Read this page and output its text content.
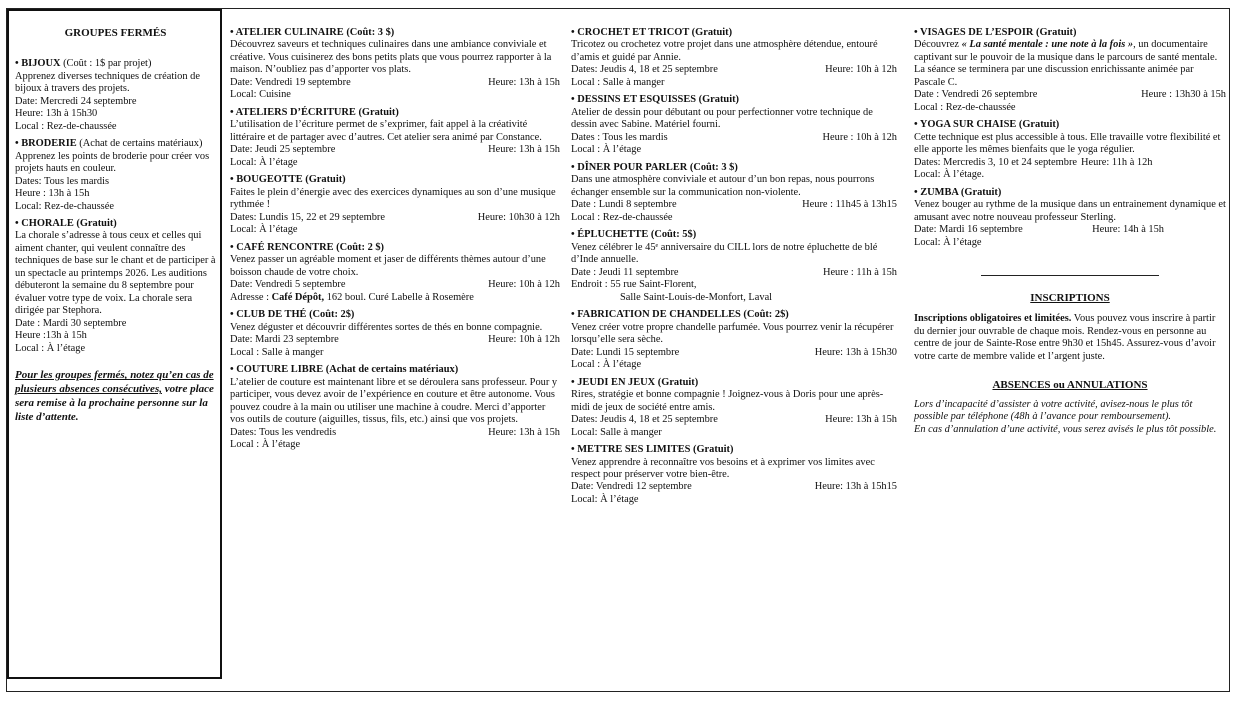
GROUPES FERMÉS
• BIJOUX (Coût : 1$ par projet)
Apprenez diverses techniques de création de bijoux à travers des projets.
Date: Mercredi 24 septembre
Heure: 13h à 15h30
Local : Rez-de-chaussée
• BRODERIE (Achat de certains matériaux)
Apprenez les points de broderie pour créer vos projets hauts en couleur.
Dates: Tous les mardis
Heure : 13h à 15h
Local: Rez-de-chaussée
• CHORALE (Gratuit)
La chorale s’adresse à tous ceux et celles qui aiment chanter, qui veulent connaître des techniques de base sur le chant et de participer à un spectacle au printemps 2026. Les auditions débuteront la semaine du 8 septembre pour évaluer votre type de voix. La chorale sera dirigée par Stephora.
Date : Mardi 30 septembre
Heure :13h à 15h
Local : À l’étage
Pour les groupes fermés, notez qu’en cas de plusieurs absences consécutives, votre place sera remise à la prochaine personne sur la liste d’attente.
• ATELIER CULINAIRE (Coût: 3 $)
Découvrez saveurs et techniques culinaires dans une ambiance conviviale et créative. Vous cuisinerez des bons petits plats que vous pourrez rapporter à la maison. N’oubliez pas d’apporter vos plats.
Date: Vendredi 19 septembre	Heure: 13h à 15h
Local: Cuisine
• ATELIERS D’ÉCRITURE (Gratuit)
L’utilisation de l’écriture permet de s’exprimer, fait appel à la créativité littéraire et de partager avec d’autres. Cet atelier sera animé par Constance.
Date: Jeudi 25 septembre	Heure: 13h à 15h
Local: À l’étage
• BOUGEOTTE (Gratuit)
Faites le plein d’énergie avec des exercices dynamiques au son d’une musique rythmée !
Dates: Lundis 15, 22 et 29 septembre	Heure: 10h30 à 12h
Local: À l’étage
• CAFÉ RENCONTRE (Coût: 2 $)
Venez passer un agréable moment et jaser de différents thèmes autour d’une boisson chaude de votre choix.
Date: Vendredi 5 septembre	Heure: 10h à 12h
Adresse : Café Dépôt, 162 boul. Curé Labelle à Rosemère
• CLUB DE THÉ (Coût: 2$)
Venez déguster et découvrir différentes sortes de thés en bonne compagnie.
Date: Mardi 23 septembre	Heure: 10h à 12h
Local : Salle à manger
• COUTURE LIBRE (Achat de certains matériaux)
L’atelier de couture est maintenant libre et se déroulera sans professeur. Pour y participer, vous devez avoir de l’expérience en couture et être autonome. Vous pouvez coudre à la main ou utiliser une machine à coudre. Merci d’apporter vos outils de couture (aiguilles, tissus, fils, etc.) ainsi que vos projets.
Dates: Tous les vendredis	Heure: 13h à 15h
Local : À l’étage
• CROCHET ET TRICOT (Gratuit)
Tricotez ou crochetez votre projet dans une atmosphère détendue, entouré d’amis et guidé par Annie.
Dates: Jeudis 4, 18 et 25 septembre	Heure: 10h à 12h
Local : Salle à manger
• DESSINS ET ESQUISSES (Gratuit)
Atelier de dessin pour débutant ou pour perfectionner votre technique de dessin avec Sabine. Matériel fourni.
Dates : Tous les mardis	Heure : 10h à 12h
Local : À l’étage
• DÎNER POUR PARLER (Coût: 3 $)
Dans une atmosphère conviviale et autour d’un bon repas, nous pourrons échanger ensemble sur la communication non-violente.
Date : Lundi 8 septembre	Heure : 11h45 à 13h15
Local : Rez-de-chaussée
• ÉPLUCHETTE (Coût: 5$)
Venez célébrer le 45ᵉ anniversaire du CILL lors de notre épluchette de blé d’Inde annuelle.
Date : Jeudi 11 septembre	Heure : 11h à 15h
Endroit : 55 rue Saint-Florent,
Salle Saint-Louis-de-Monfort, Laval
• FABRICATION DE CHANDELLES (Coût: 2$)
Venez créer votre propre chandelle parfumée. Vous pourrez venir la récupérer lorsqu’elle sera sèche.
Date: Lundi 15 septembre	Heure: 13h à 15h30
Local : À l’étage
• JEUDI EN JEUX (Gratuit)
Rires, stratégie et bonne compagnie ! Joignez-vous à Doris pour une après-midi de jeux de société entre amis.
Dates: Jeudis 4, 18 et 25 septembre	Heure: 13h à 15h
Local: Salle à manger
• METTRE SES LIMITES (Gratuit)
Venez apprendre à reconnaître vos besoins et à exprimer vos limites avec respect pour préserver votre bien-être.
Date: Vendredi 12 septembre	Heure: 13h à 15h15
Local: À l’étage
• VISAGES DE L’ESPOIR (Gratuit)
Découvrez « La santé mentale : une note à la fois », un documentaire captivant sur le pouvoir de la musique dans le parcours de santé mentale. La séance se terminera par une discussion enrichissante animée par Pascale C.
Date : Vendredi 26 septembre	Heure : 13h30 à 15h
Local : Rez-de-chaussée
• YOGA SUR CHAISE (Gratuit)
Cette technique est plus accessible à tous. Elle travaille votre flexibilité et elle apporte les mêmes bienfaits que le yoga régulier.
Dates: Mercredis 3, 10 et 24 septembre Heure: 11h à 12h
Local: À l’étage.
• ZUMBA (Gratuit)
Venez bouger au rythme de la musique dans un entrainement dynamique et amusant avec notre nouveau professeur Sterling.
Date: Mardi 16 septembre	Heure: 14h à 15h
Local: À l’étage
INSCRIPTIONS
Inscriptions obligatoires et limitées. Vous pouvez vous inscrire à partir du dernier jour ouvrable de chaque mois. Rendez-vous en personne au centre de jour de Sainte-Rose entre 9h30 et 15h45. Assurez-vous d’avoir votre carte de membre valide et l’argent juste.
ABSENCES ou ANNULATIONS
Lors d’incapacité d’assister à votre activité, avisez-nous le plus tôt possible par téléphone (48h à l’avance pour remboursement).
En cas d’annulation d’une activité, vous serez avisés le plus tôt possible.
